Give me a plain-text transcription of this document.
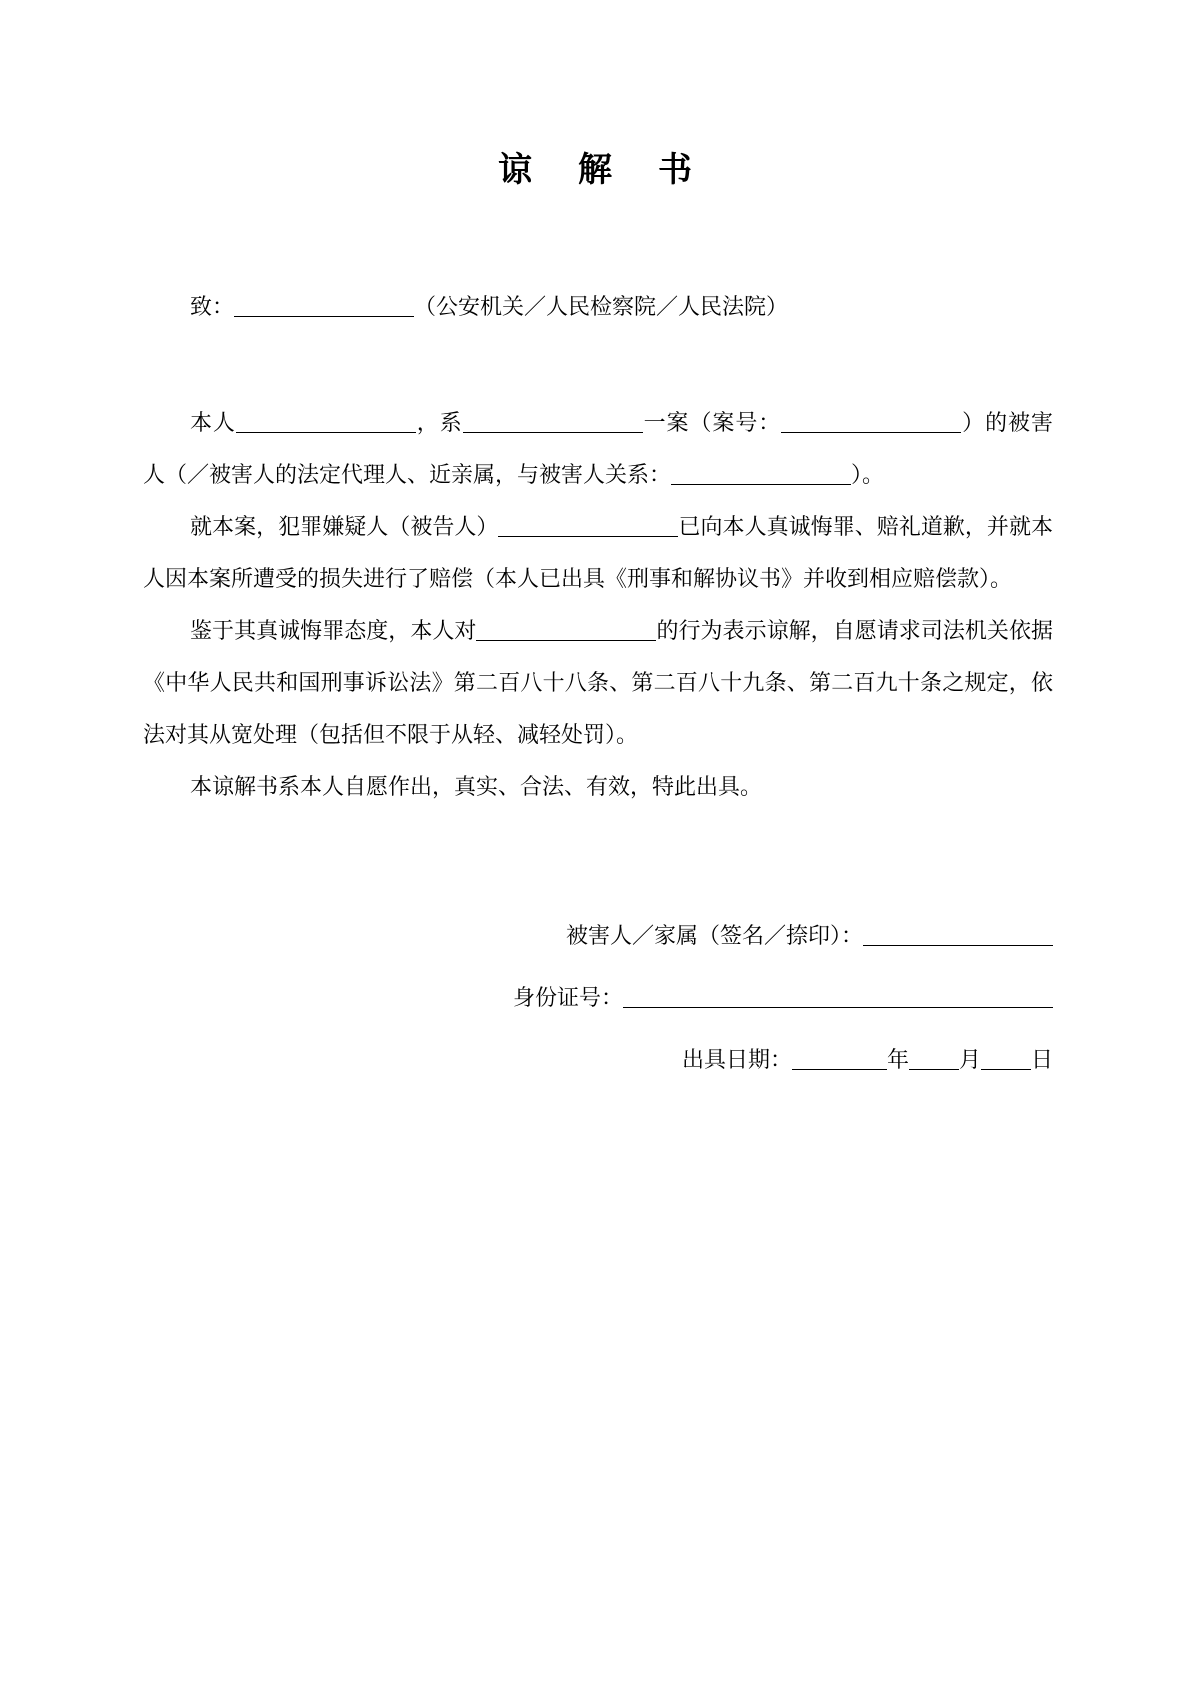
谅 解 书
致：	（公安机关／人民检察院／人民法院）

本人	，系	一案（案号：	）的被害人（／被害人的法定代理人、近亲属，与被害人关系：	）。

就本案，犯罪嫌疑人（被告人）	已向本人真诚悔罪、赔礼道歉，并就本人因本案所遭受的损失进行了赔偿（本人已出具《刑事和解协议书》并收到相应赔偿款）。

鉴于其真诚悔罪态度，本人对	的行为表示谅解，自愿请求司法机关依据《中华人民共和国刑事诉讼法》第二百八十八条、第二百八十九条、第二百九十条之规定，依法对其从宽处理（包括但不限于从轻、减轻处罚）。

本谅解书系本人自愿作出，真实、合法、有效，特此出具。

被害人／家属（签名／捺印）：
身份证号：
出具日期：	年 月 日
